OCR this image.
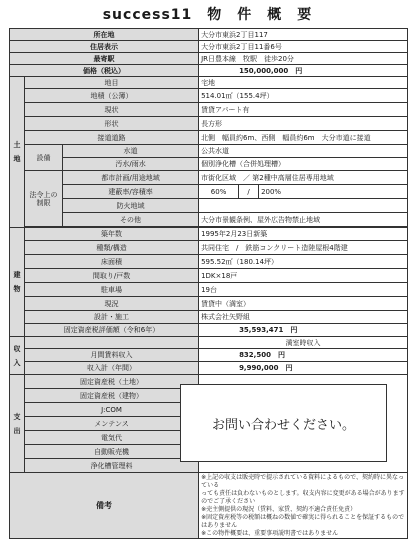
success11　物　件　概　要
所在地			大分市東浜2丁目117		
住居表示			大分市東浜2丁目11番6号		
最寄駅			JR日豊本線　牧駅　徒歩20分		
価格（税込）			150,000,000　円		
土
地	地目		宅地		
	地積（公簿）		514.01㎡（155.4坪）		
	現状		賃貸アパート有		
	形状		長方形		
	接道道路		北側　幅員約6m、西側　幅員約6m　大分市道に接道		
	設備	水道	公共水道		
		汚水/雨水	個別浄化槽（合併処理槽）		
	法令上の制限	都市計画/用途地域	市街化区域　／ 第2種中高層住居専用地域		
		建蔽率/容積率	60%	/	200%
		防火地域			
		その他	大分市景観条例、屋外広告物禁止地域		

建
物	築年数		1995年2月23日新築		
	種類/構造		共同住宅　/　鉄筋コンクリート造陸屋根4階建		
	床面積		595.52㎡（180.14坪）		
	間取り/戸数		1DK×18戸		
	駐車場		19台		
	現況		賃貸中（満室）		
	設計・施工		株式会社矢野組		
	固定資産税評価額（令和6年）		35,593,471　円		
収
入			満室時収入		
	月間賃料収入		832,500　円		
	収入計（年間）		9,990,000　円		
支
出	固定資産税（土地）				
	固定資産税（建物）				
	J:COM				
	メンテンス				
	電気代				
	自動販売機				
	浄化槽管理料				
備考			※上記の収支は販売時で提示されている資料によるもので、契約時に異なっている
っても責任は負わないものとします。収支内容に変更がある場合がありますのでご了承ください
※売主側提供の現況（賃料、家賃、契約不適合責任免責）
※固定資産税等の税額は概ねの数値で確実に得られることを保証するものではありません
※この物件概要は、重要事項説明書ではありません		
お問い合わせください。
